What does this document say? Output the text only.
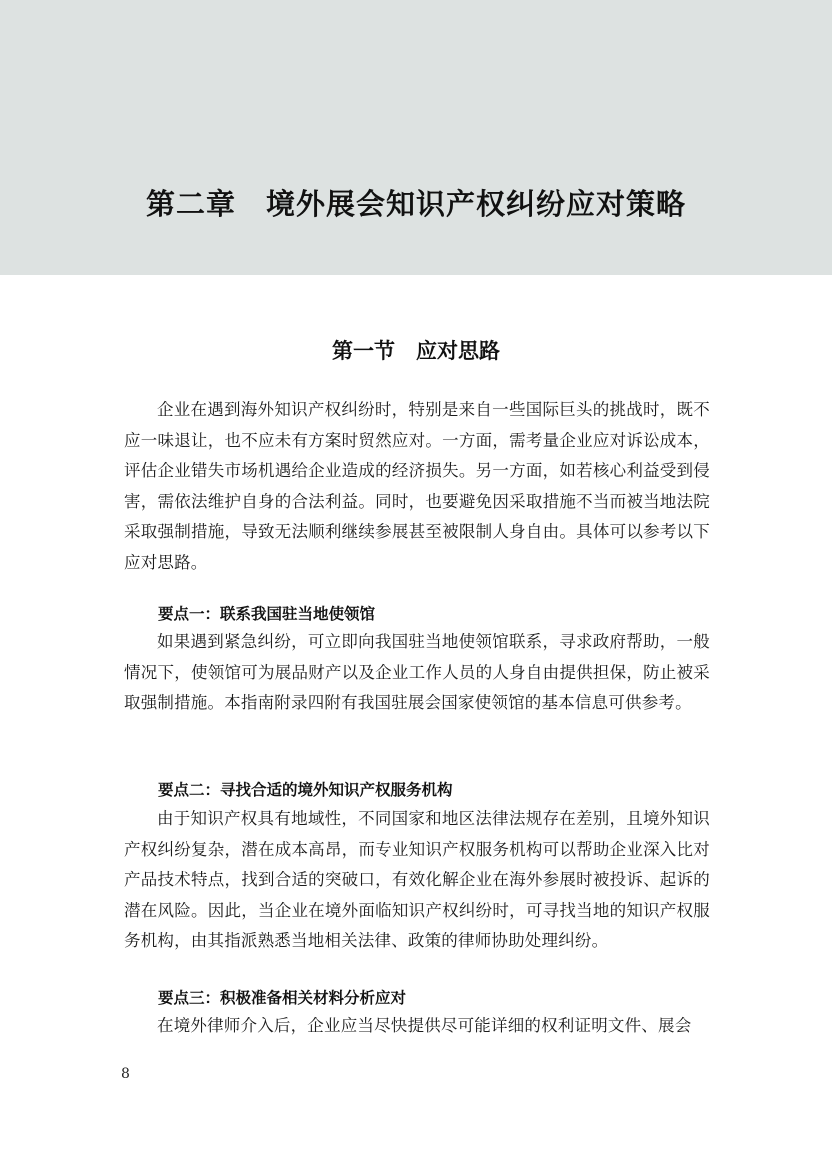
第二章　境外展会知识产权纠纷应对策略
第一节　应对思路

企业在遇到海外知识产权纠纷时，特别是来自一些国际巨头的挑战时，既不应一味退让，也不应未有方案时贸然应对。一方面，需考量企业应对诉讼成本，评估企业错失市场机遇给企业造成的经济损失。另一方面，如若核心利益受到侵害，需依法维护自身的合法利益。同时，也要避免因采取措施不当而被当地法院采取强制措施，导致无法顺利继续参展甚至被限制人身自由。具体可以参考以下应对思路。

要点一：联系我国驻当地使领馆

如果遇到紧急纠纷，可立即向我国驻当地使领馆联系，寻求政府帮助，一般情况下，使领馆可为展品财产以及企业工作人员的人身自由提供担保，防止被采取强制措施。本指南附录四附有我国驻展会国家使领馆的基本信息可供参考。

要点二：寻找合适的境外知识产权服务机构

由于知识产权具有地域性，不同国家和地区法律法规存在差别，且境外知识产权纠纷复杂，潜在成本高昂，而专业知识产权服务机构可以帮助企业深入比对产品技术特点，找到合适的突破口，有效化解企业在海外参展时被投诉、起诉的潜在风险。因此，当企业在境外面临知识产权纠纷时，可寻找当地的知识产权服务机构，由其指派熟悉当地相关法律、政策的律师协助处理纠纷。

要点三：积极准备相关材料分析应对

在境外律师介入后，企业应当尽快提供尽可能详细的权利证明文件、展会

8
